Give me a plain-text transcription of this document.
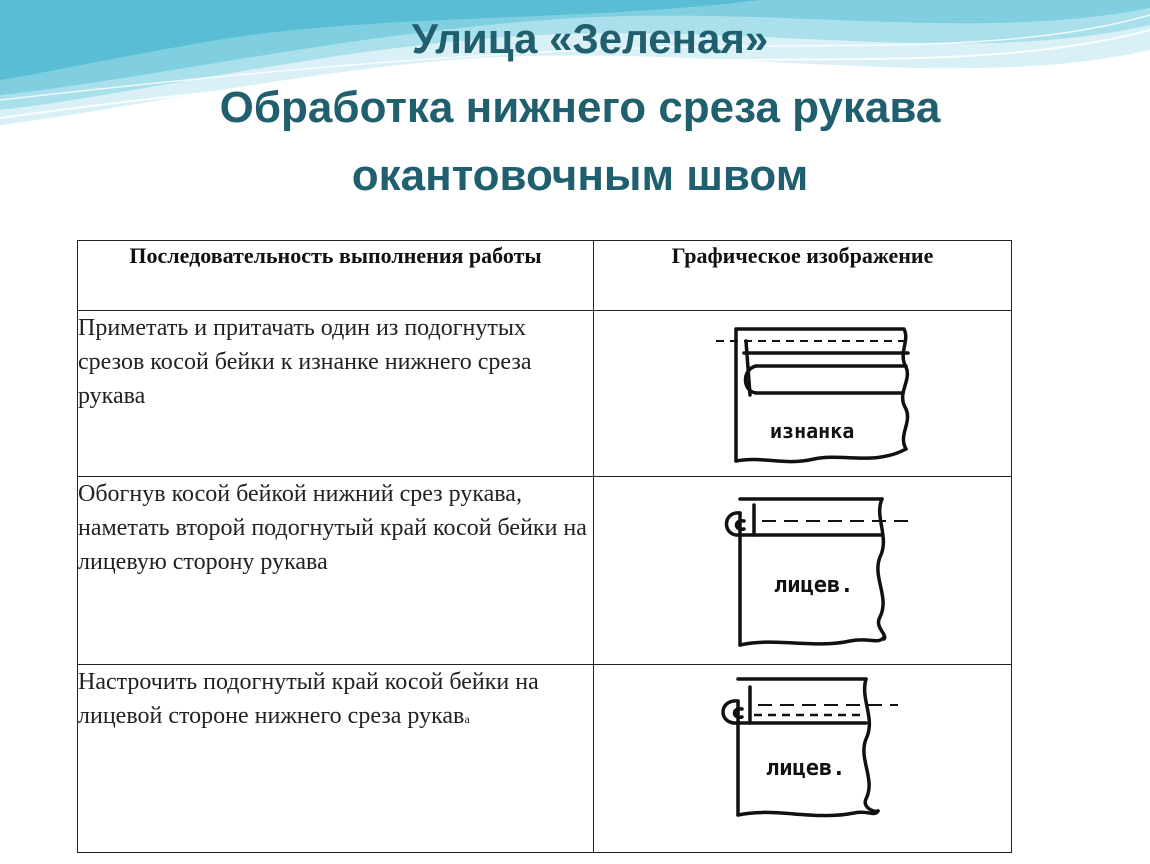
Улица «Зеленая»
Обработка нижнего среза рукава
окантовочным швом
Последовательность выполнения работы	Графическое изображение
Приметать и притачать один из подогнутых срезов косой бейки к изнанке нижнего среза рукава	изнанка

Обогнув косой бейкой нижний срез рукава, наметать второй подогнутый край косой бейки на лицевую сторону рукава	лицев.

Настрочить подогнутый край косой бейки на лицевой стороне нижнего среза рукава	лицев.
